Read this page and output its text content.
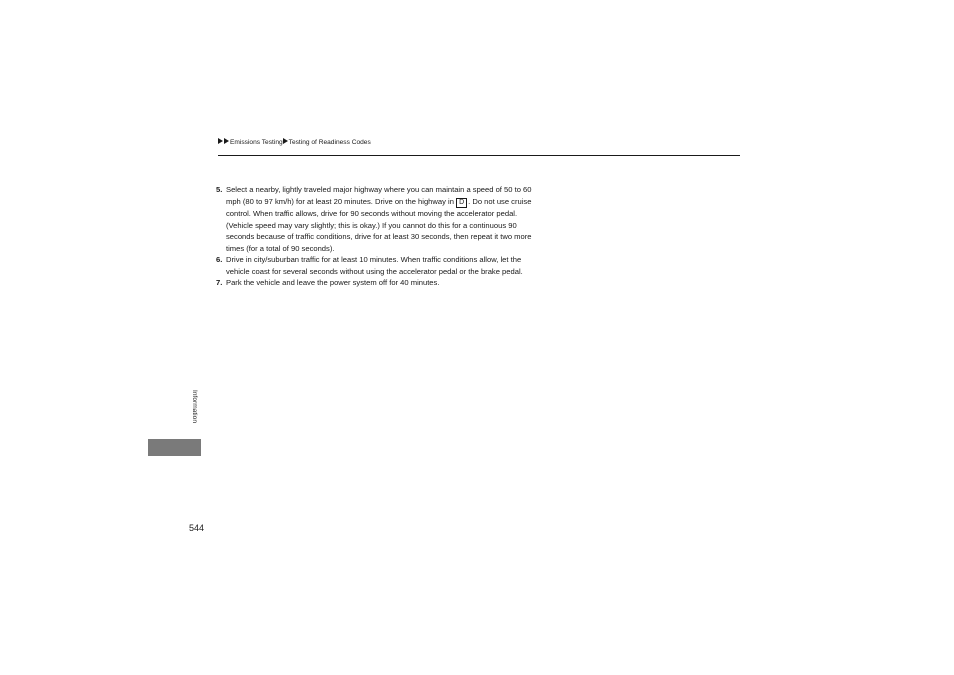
Emissions Testing Testing of Readiness Codes
5. Select a nearby, lightly traveled major highway where you can maintain a speed of 50 to 60 mph (80 to 97 km/h) for at least 20 minutes. Drive on the highway in D . Do not use cruise control. When traffic allows, drive for 90 seconds without moving the accelerator pedal. (Vehicle speed may vary slightly; this is okay.) If you cannot do this for a continuous 90 seconds because of traffic conditions, drive for at least 30 seconds, then repeat it two more times (for a total of 90 seconds).
6. Drive in city/suburban traffic for at least 10 minutes. When traffic conditions allow, let the vehicle coast for several seconds without using the accelerator pedal or the brake pedal.
7. Park the vehicle and leave the power system off for 40 minutes.
Information
544
